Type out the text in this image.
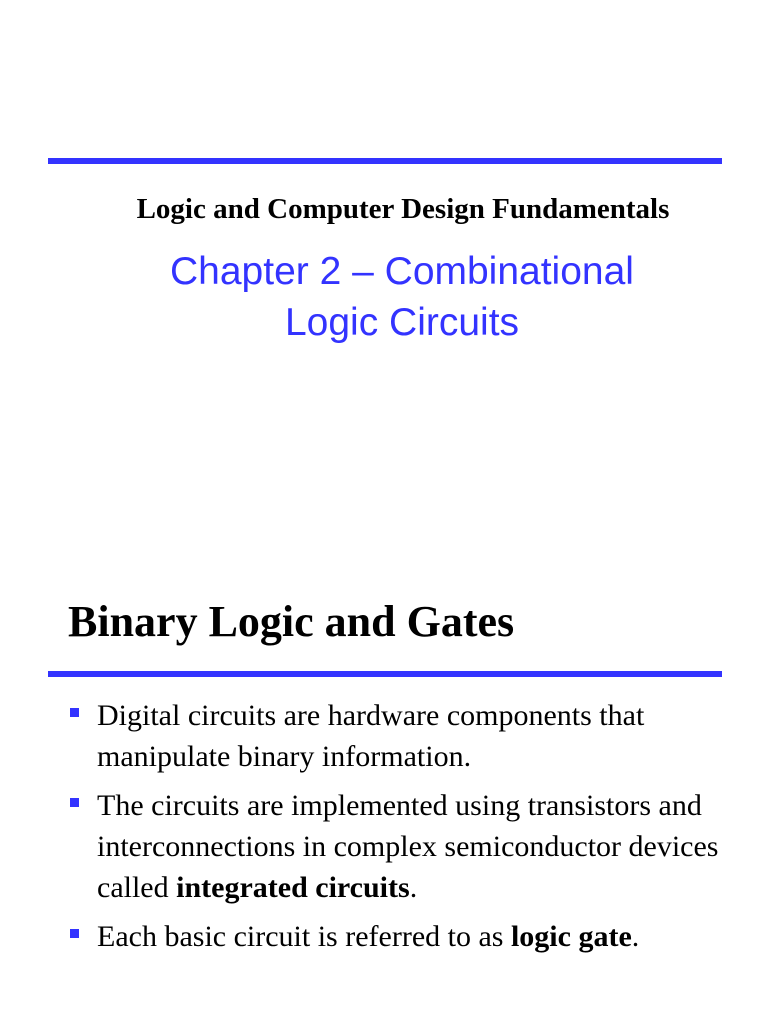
Logic and Computer Design Fundamentals
Chapter 2 – Combinational
Logic Circuits
Binary Logic and Gates
Digital circuits are hardware components that manipulate binary information.
The circuits are implemented using transistors and interconnections in complex semiconductor devices called integrated circuits.
Each basic circuit is referred to as logic gate.
